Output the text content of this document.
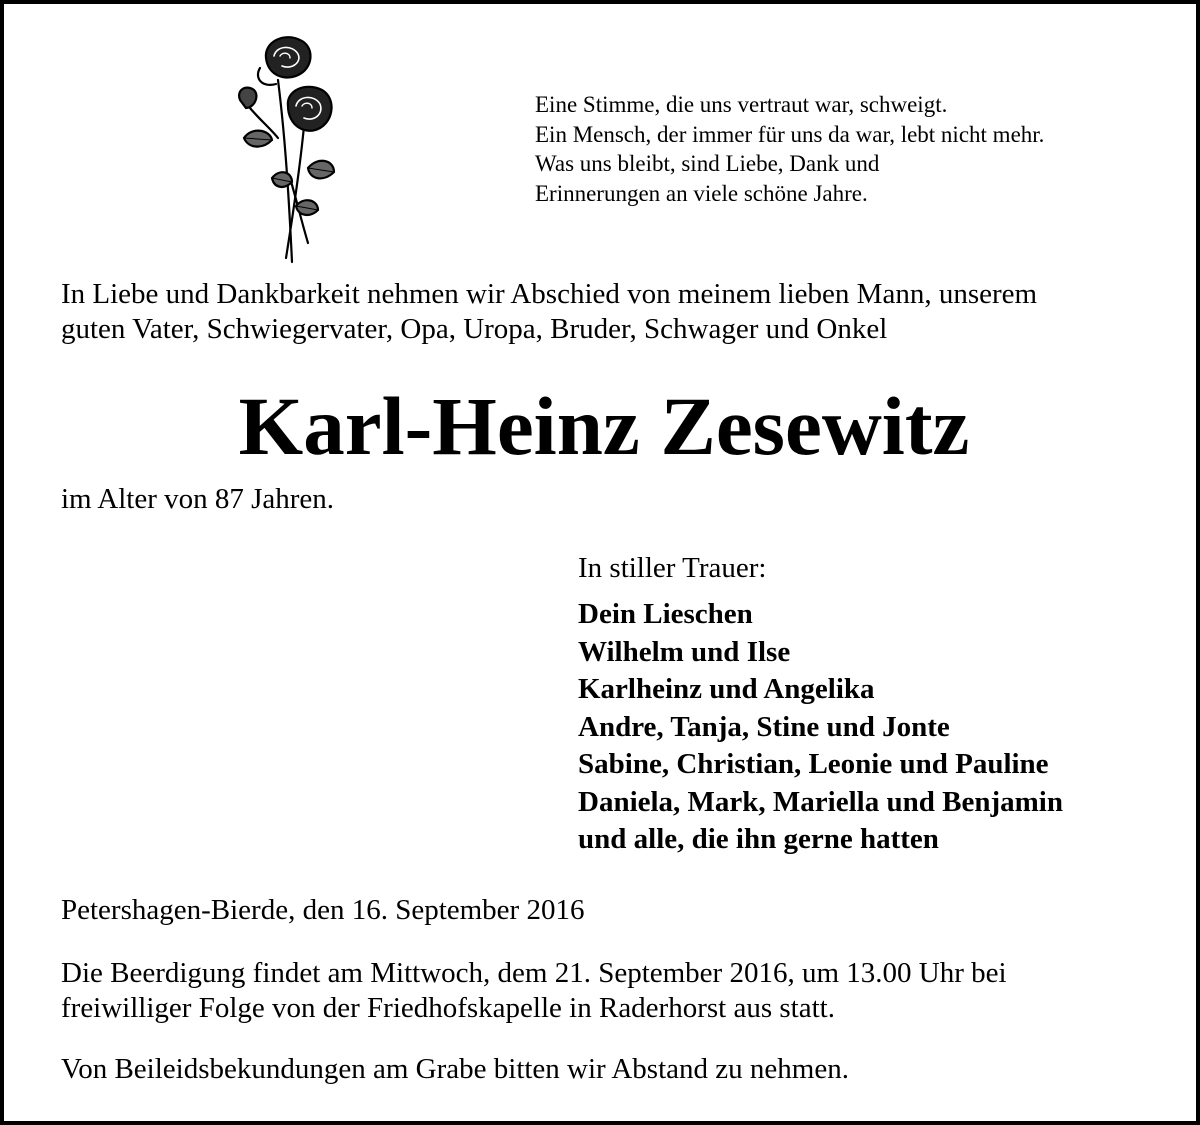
Eine Stimme, die uns vertraut war, schweigt.
Ein Mensch, der immer für uns da war, lebt nicht mehr.
Was uns bleibt, sind Liebe, Dank und
Erinnerungen an viele schöne Jahre.
In Liebe und Dankbarkeit nehmen wir Abschied von meinem lieben Mann, unserem
guten Vater, Schwiegervater, Opa, Uropa, Bruder, Schwager und Onkel
Karl-Heinz Zesewitz
im Alter von 87 Jahren.
In stiller Trauer:
Dein Lieschen
Wilhelm und Ilse
Karlheinz und Angelika
Andre, Tanja, Stine und Jonte
Sabine, Christian, Leonie und Pauline
Daniela, Mark, Mariella und Benjamin
und alle, die ihn gerne hatten
Petershagen-Bierde, den 16. September 2016
Die Beerdigung findet am Mittwoch, dem 21. September 2016, um 13.00 Uhr bei
freiwilliger Folge von der Friedhofskapelle in Raderhorst aus statt.
Von Beileidsbekundungen am Grabe bitten wir Abstand zu nehmen.
